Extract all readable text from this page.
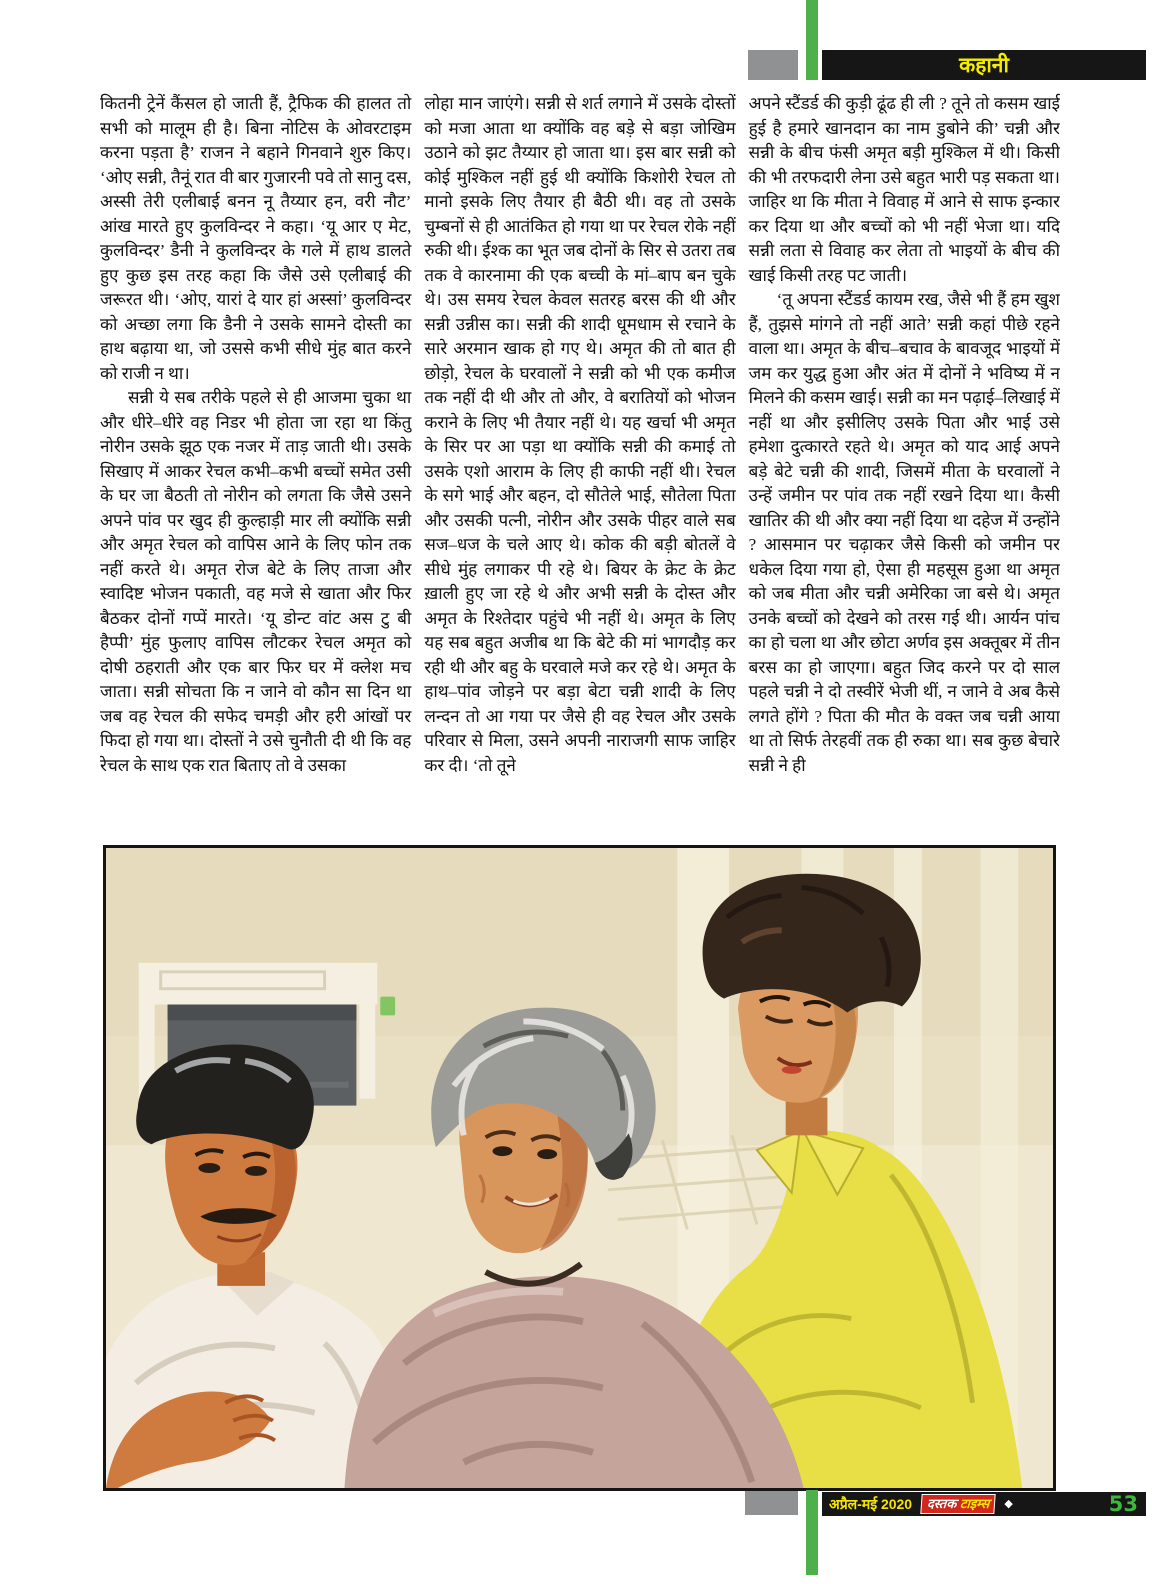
कहानी

कितनी ट्रेनें कैंसल हो जाती हैं, ट्रैफिक की हालत तो सभी को मालूम ही है। बिना नोटिस के ओवरटाइम करना पड़ता है’ राजन ने बहाने गिनवाने शुरु किए। ‘ओए सन्नी, तैनूं रात वी बार गुजारनी पवे तो सानु दस, अस्सी तेरी एलीबाई बनन नू तैय्यार हन, वरी नौट’ आंख मारते हुए कुलविन्दर ने कहा। ‘यू आर ए मेट, कुलविन्दर’ डैनी ने कुलविन्दर के गले में हाथ डालते हुए कुछ इस तरह कहा कि जैसे उसे एलीबाई की जरूरत थी। ‘ओए, यारां दे यार हां अस्सां’ कुलविन्दर को अच्छा लगा कि डैनी ने उसके सामने दोस्ती का हाथ बढ़ाया था, जो उससे कभी सीधे मुंह बात करने को राजी न था।

सन्नी ये सब तरीके पहले से ही आजमा चुका था और धीरे–धीरे वह निडर भी होता जा रहा था किंतु नोरीन उसके झूठ एक नजर में ताड़ जाती थी। उसके सिखाए में आकर रेचल कभी–कभी बच्चों समेत उसी के घर जा बैठती तो नोरीन को लगता कि जैसे उसने अपने पांव पर खुद ही कुल्हाड़ी मार ली क्योंकि सन्नी और अमृत रेचल को वापिस आने के लिए फोन तक नहीं करते थे। अमृत रोज बेटे के लिए ताजा और स्वादिष्ट भोजन पकाती, वह मजे से खाता और फिर बैठकर दोनों गप्पें मारते। ‘यू डोन्ट वांट अस टु बी हैप्पी’ मुंह फुलाए वापिस लौटकर रेचल अमृत को दोषी ठहराती और एक बार फिर घर में क्लेश मच जाता। सन्नी सोचता कि न जाने वो कौन सा दिन था जब वह रेचल की सफेद चमड़ी और हरी आंखों पर फिदा हो गया था। दोस्तों ने उसे चुनौती दी थी कि वह रेचल के साथ एक रात बिताए तो वे उसका

लोहा मान जाएंगे। सन्नी से शर्त लगाने में उसके दोस्तों को मजा आता था क्योंकि वह बड़े से बड़ा जोखिम उठाने को झट तैय्यार हो जाता था। इस बार सन्नी को कोई मुश्किल नहीं हुई थी क्योंकि किशोरी रेचल तो मानो इसके लिए तैयार ही बैठी थी। वह तो उसके चुम्बनों से ही आतंकित हो गया था पर रेचल रोके नहीं रुकी थी। ईश्क का भूत जब दोनों के सिर से उतरा तब तक वे कारनामा की एक बच्ची के मां–बाप बन चुके थे। उस समय रेचल केवल सतरह बरस की थी और सन्नी उन्नीस का। सन्नी की शादी धूमधाम से रचाने के सारे अरमान खाक हो गए थे। अमृत की तो बात ही छोड़ो, रेचल के घरवालों ने सन्नी को भी एक कमीज तक नहीं दी थी और तो और, वे बरातियों को भोजन कराने के लिए भी तैयार नहीं थे। यह खर्चा भी अमृत के सिर पर आ पड़ा था क्योंकि सन्नी की कमाई तो उसके एशो आराम के लिए ही काफी नहीं थी। रेचल के सगे भाई और बहन, दो सौतेले भाई, सौतेला पिता और उसकी पत्नी, नोरीन और उसके पीहर वाले सब सज–धज के चले आए थे। कोक की बड़ी बोतलें वे सीधे मुंह लगाकर पी रहे थे। बियर के क्रेट के क्रेट ख़ाली हुए जा रहे थे और अभी सन्नी के दोस्त और अमृत के रिश्तेदार पहुंचे भी नहीं थे। अमृत के लिए यह सब बहुत अजीब था कि बेटे की मां भागदौड़ कर रही थी और बहु के घरवाले मजे कर रहे थे। अमृत के हाथ–पांव जोड़ने पर बड़ा बेटा चन्नी शादी के लिए लन्दन तो आ गया पर जैसे ही वह रेचल और उसके परिवार से मिला, उसने अपनी नाराजगी साफ जाहिर कर दी। ‘तो तूने

अपने स्टैंडर्ड की कुड़ी ढूंढ ही ली ? तूने तो कसम खाई हुई है हमारे खानदान का नाम डुबोने की’ चन्नी और सन्नी के बीच फंसी अमृत बड़ी मुश्किल में थी। किसी की भी तरफदारी लेना उसे बहुत भारी पड़ सकता था। जाहिर था कि मीता ने विवाह में आने से साफ इन्कार कर दिया था और बच्चों को भी नहीं भेजा था। यदि सन्नी लता से विवाह कर लेता तो भाइयों के बीच की खाई किसी तरह पट जाती।

‘तू अपना स्टैंडर्ड कायम रख, जैसे भी हैं हम खुश हैं, तुझसे मांगने तो नहीं आते’ सन्नी कहां पीछे रहने वाला था। अमृत के बीच–बचाव के बावजूद भाइयों में जम कर युद्ध हुआ और अंत में दोनों ने भविष्य में न मिलने की कसम खाई। सन्नी का मन पढ़ाई–लिखाई में नहीं था और इसीलिए उसके पिता और भाई उसे हमेशा दुत्कारते रहते थे। अमृत को याद आई अपने बड़े बेटे चन्नी की शादी, जिसमें मीता के घरवालों ने उन्हें जमीन पर पांव तक नहीं रखने दिया था। कैसी खातिर की थी और क्या नहीं दिया था दहेज में उन्होंने ? आसमान पर चढ़ाकर जैसे किसी को जमीन पर धकेल दिया गया हो, ऐसा ही महसूस हुआ था अमृत को जब मीता और चन्नी अमेरिका जा बसे थे। अमृत उनके बच्चों को देखने को तरस गई थी। आर्यन पांच का हो चला था और छोटा अर्णव इस अक्तूबर में तीन बरस का हो जाएगा। बहुत जिद करने पर दो साल पहले चन्नी ने दो तस्वीरें भेजी थीं, न जाने वे अब कैसे लगते होंगे ? पिता की मौत के वक्त जब चन्नी आया था तो सिर्फ तेरहवीं तक ही रुका था। सब कुछ बेचारे सन्नी ने ही

अप्रैल-मई 2020	दस्तक टाइम्स	◆	53
